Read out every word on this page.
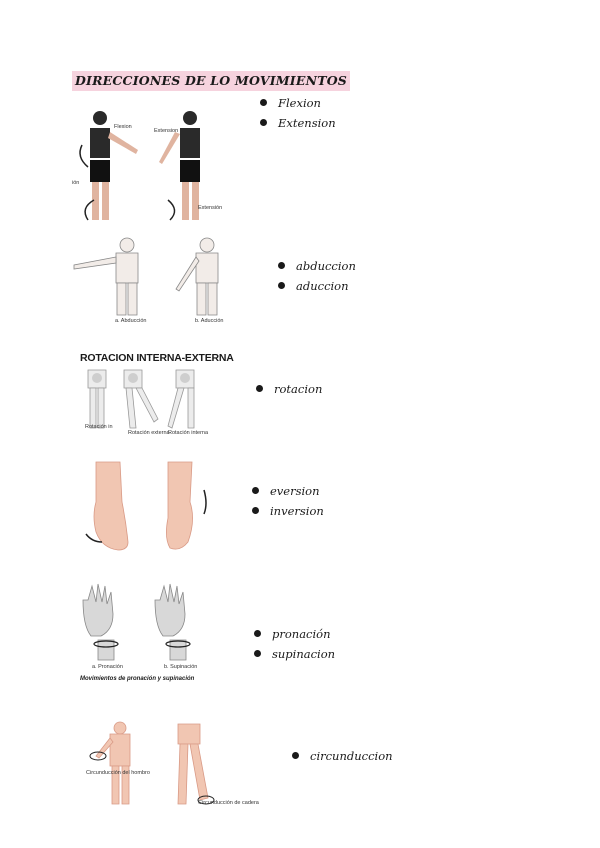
DIRECCIONES DE LO MOVIMIENTOS
Flexion
Extension
Extensión
ión
Flexion
Extension
a. Abducción	b. Aducción
abduccion
aduccion
ROTACION INTERNA-EXTERNA
Rotación in
Rotación externa
Rotación interna
rotacion
eversion
inversion
a. Pronación	b. Supinación
Movimientos de pronación y supinación
pronación
supinacion
Circunducción del hombro
Circunducción de cadera
circunduccion
